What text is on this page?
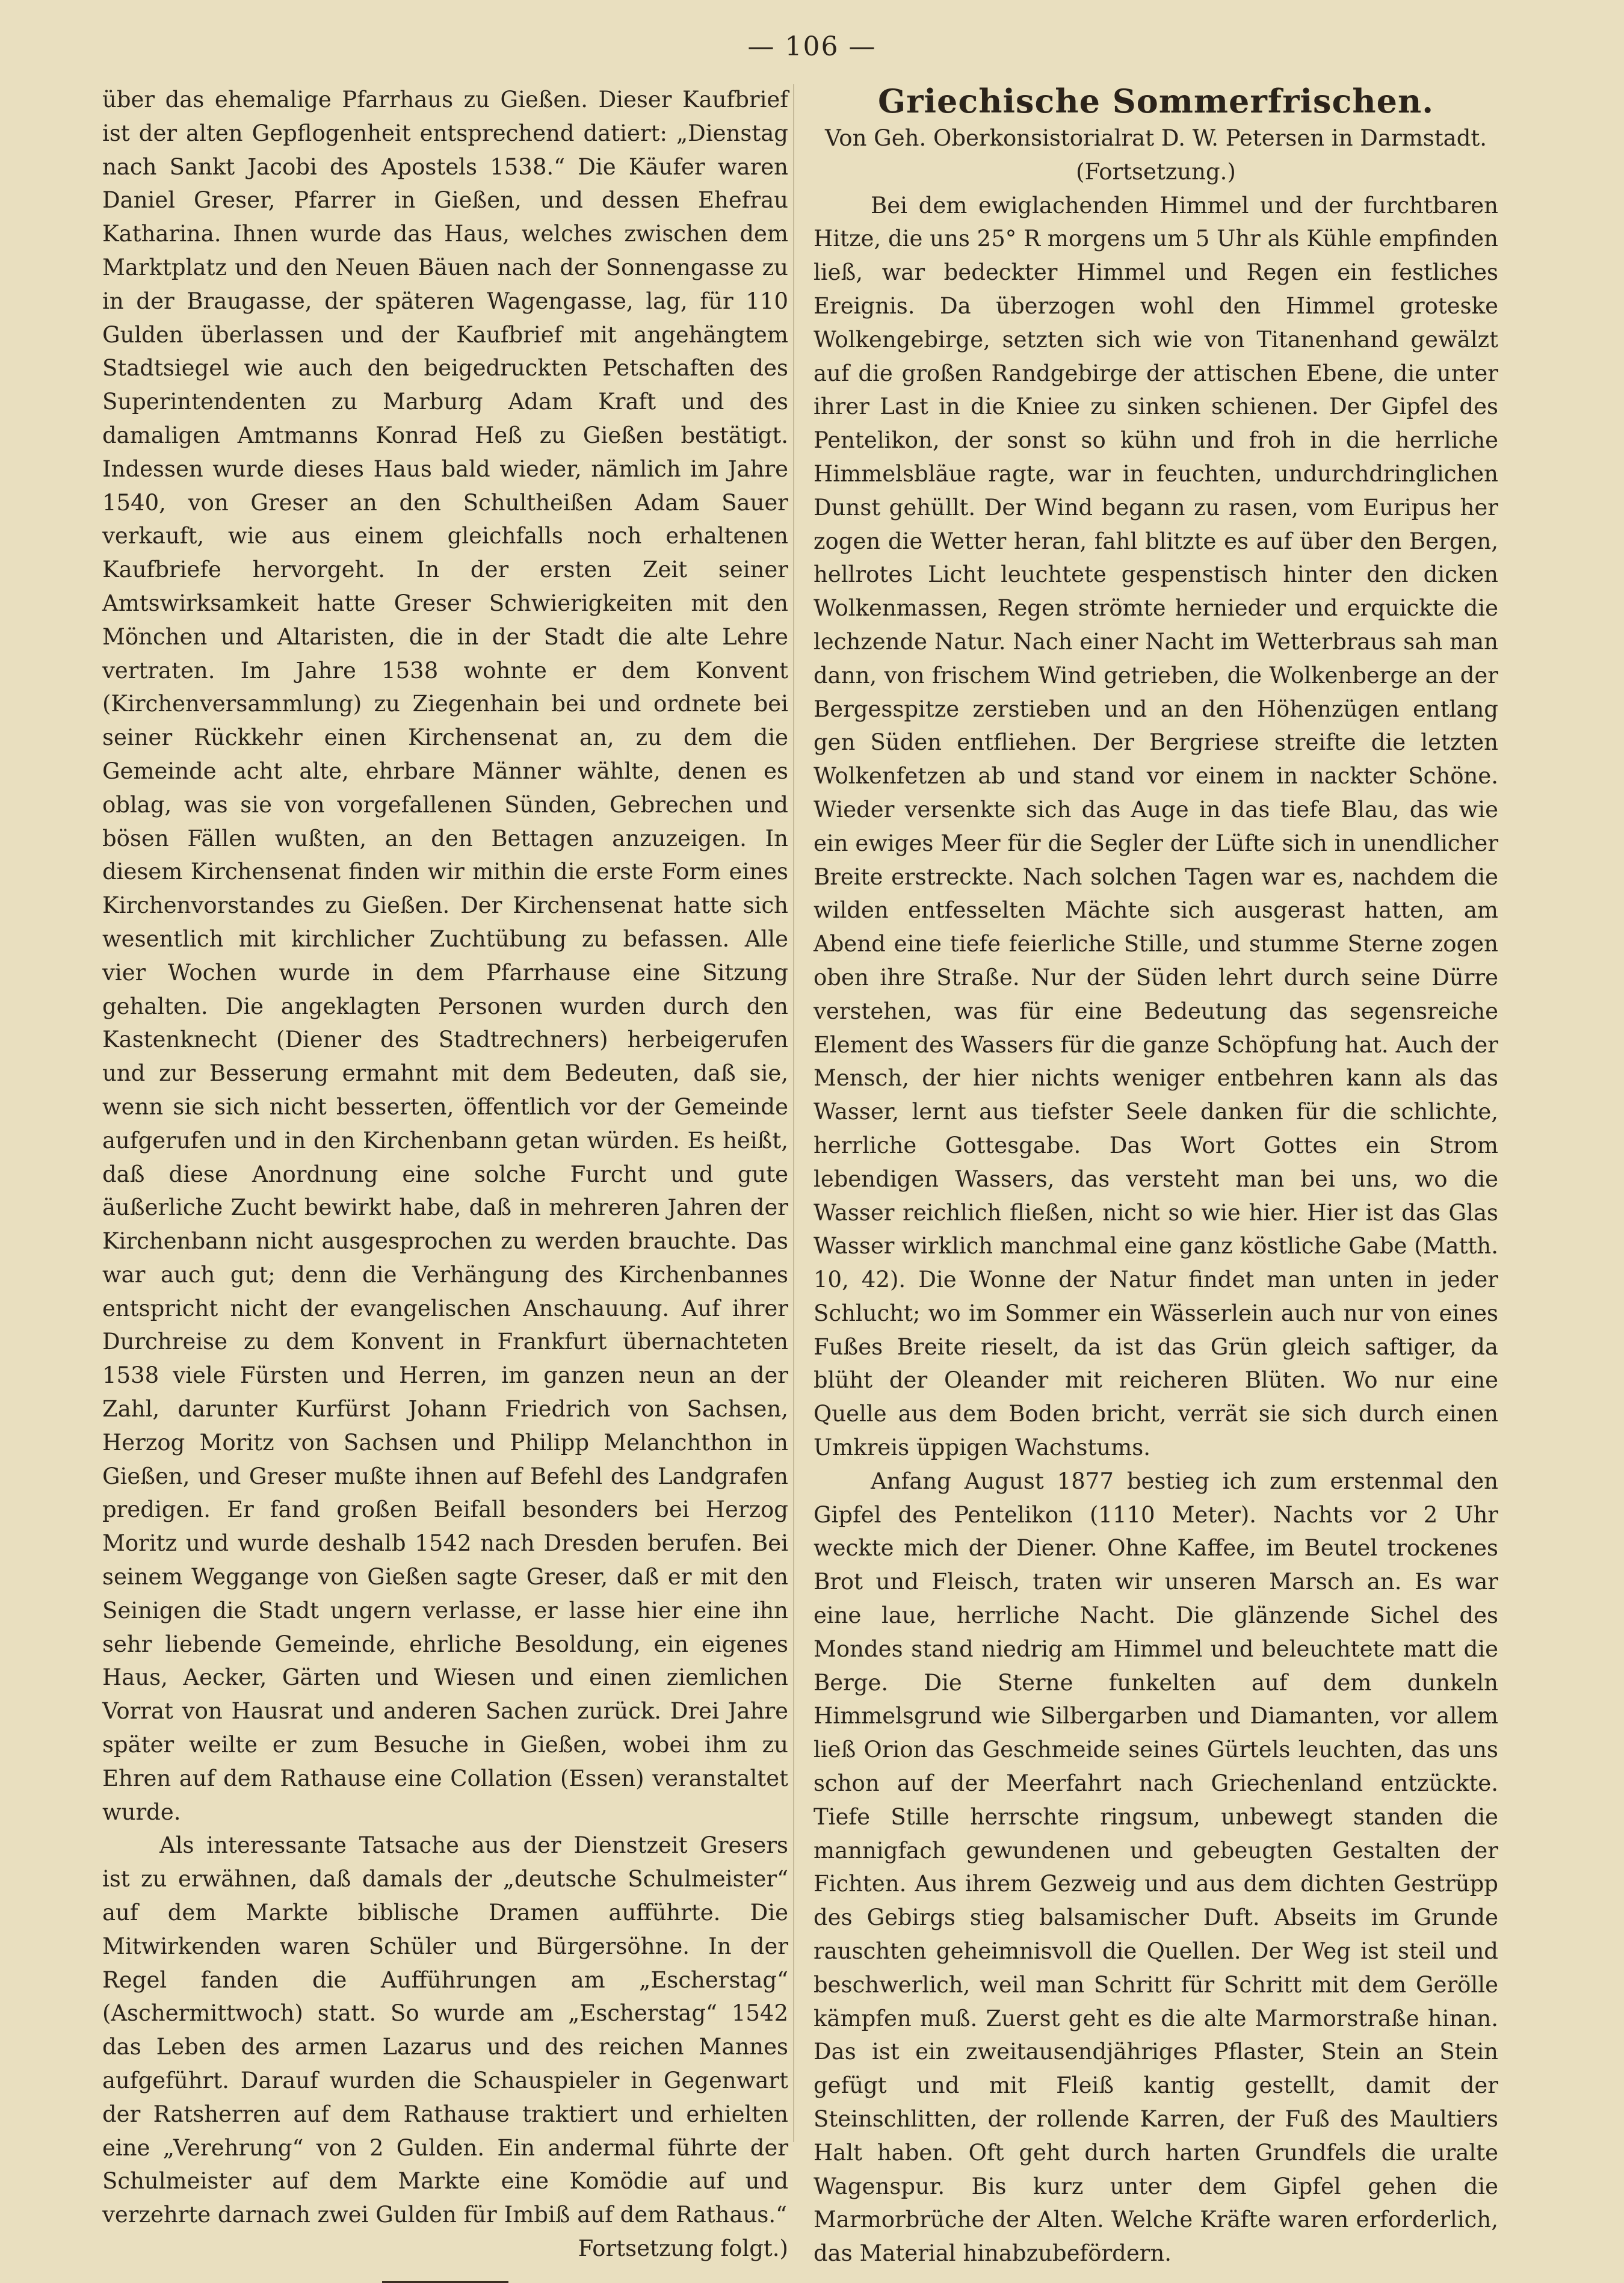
— 106 —

über das ehemalige Pfarrhaus zu Gießen. Dieser Kaufbrief ist der alten Gepflogenheit entsprechend datiert: „Dienstag nach Sankt Jacobi des Apostels 1538.“ Die Käufer waren Daniel Greser, Pfarrer in Gießen, und dessen Ehefrau Katharina. Ihnen wurde das Haus, welches zwischen dem Marktplatz und den Neuen Bäuen nach der Sonnengasse zu in der Braugasse, der späteren Wagengasse, lag, für 110 Gulden überlassen und der Kaufbrief mit angehängtem Stadtsiegel wie auch den beigedruckten Petschaften des Superintendenten zu Marburg Adam Kraft und des damaligen Amtmanns Konrad Heß zu Gießen bestätigt. Indessen wurde dieses Haus bald wieder, nämlich im Jahre 1540, von Greser an den Schultheißen Adam Sauer verkauft, wie aus einem gleichfalls noch erhaltenen Kaufbriefe hervorgeht. In der ersten Zeit seiner Amtswirksamkeit hatte Greser Schwierigkeiten mit den Mönchen und Altaristen, die in der Stadt die alte Lehre vertraten. Im Jahre 1538 wohnte er dem Konvent (Kirchenversammlung) zu Ziegenhain bei und ordnete bei seiner Rückkehr einen Kirchensenat an, zu dem die Gemeinde acht alte, ehrbare Männer wählte, denen es oblag, was sie von vorgefallenen Sünden, Gebrechen und bösen Fällen wußten, an den Bettagen anzuzeigen. In diesem Kirchensenat finden wir mithin die erste Form eines Kirchenvorstandes zu Gießen. Der Kirchensenat hatte sich wesentlich mit kirchlicher Zuchtübung zu befassen. Alle vier Wochen wurde in dem Pfarrhause eine Sitzung gehalten. Die angeklagten Personen wurden durch den Kastenknecht (Diener des Stadtrechners) herbeigerufen und zur Besserung ermahnt mit dem Bedeuten, daß sie, wenn sie sich nicht besserten, öffentlich vor der Gemeinde aufgerufen und in den Kirchenbann getan würden. Es heißt, daß diese Anordnung eine solche Furcht und gute äußerliche Zucht bewirkt habe, daß in mehreren Jahren der Kirchenbann nicht ausgesprochen zu werden brauchte. Das war auch gut; denn die Verhängung des Kirchenbannes entspricht nicht der evangelischen Anschauung. Auf ihrer Durchreise zu dem Konvent in Frankfurt übernachteten 1538 viele Fürsten und Herren, im ganzen neun an der Zahl, darunter Kurfürst Johann Friedrich von Sachsen, Herzog Moritz von Sachsen und Philipp Melanchthon in Gießen, und Greser mußte ihnen auf Befehl des Landgrafen predigen. Er fand großen Beifall besonders bei Herzog Moritz und wurde deshalb 1542 nach Dresden berufen. Bei seinem Weggange von Gießen sagte Greser, daß er mit den Seinigen die Stadt ungern verlasse, er lasse hier eine ihn sehr liebende Gemeinde, ehrliche Besoldung, ein eigenes Haus, Aecker, Gärten und Wiesen und einen ziemlichen Vorrat von Hausrat und anderen Sachen zurück. Drei Jahre später weilte er zum Besuche in Gießen, wobei ihm zu Ehren auf dem Rathause eine Collation (Essen) veranstaltet wurde.

Als interessante Tatsache aus der Dienstzeit Gresers ist zu erwähnen, daß damals der „deutsche Schulmeister“ auf dem Markte biblische Dramen aufführte. Die Mitwirkenden waren Schüler und Bürgersöhne. In der Regel fanden die Aufführungen am „Escherstag“ (Aschermittwoch) statt. So wurde am „Escherstag“ 1542 das Leben des armen Lazarus und des reichen Mannes aufgeführt. Darauf wurden die Schauspieler in Gegenwart der Ratsherren auf dem Rathause traktiert und erhielten eine „Verehrung“ von 2 Gulden. Ein andermal führte der Schulmeister auf dem Markte eine Komödie auf und verzehrte darnach zwei Gulden für Imbiß auf dem Rathaus.“

Fortsetzung folgt.)

Griechische Sommerfrischen.

Von Geh. Oberkonsistorialrat D. W. Petersen in Darmstadt.

(Fortsetzung.)

Bei dem ewiglachenden Himmel und der furchtbaren Hitze, die uns 25° R morgens um 5 Uhr als Kühle empfinden ließ, war bedeckter Himmel und Regen ein festliches Ereignis. Da überzogen wohl den Himmel groteske Wolkengebirge, setzten sich wie von Titanenhand gewälzt auf die großen Randgebirge der attischen Ebene, die unter ihrer Last in die Kniee zu sinken schienen. Der Gipfel des Pentelikon, der sonst so kühn und froh in die herrliche Himmelsbläue ragte, war in feuchten, undurchdringlichen Dunst gehüllt. Der Wind begann zu rasen, vom Euripus her zogen die Wetter heran, fahl blitzte es auf über den Bergen, hellrotes Licht leuchtete gespenstisch hinter den dicken Wolkenmassen, Regen strömte hernieder und erquickte die lechzende Natur. Nach einer Nacht im Wetterbraus sah man dann, von frischem Wind getrieben, die Wolkenberge an der Bergesspitze zerstieben und an den Höhenzügen entlang gen Süden entfliehen. Der Bergriese streifte die letzten Wolkenfetzen ab und stand vor einem in nackter Schöne. Wieder versenkte sich das Auge in das tiefe Blau, das wie ein ewiges Meer für die Segler der Lüfte sich in unendlicher Breite erstreckte. Nach solchen Tagen war es, nachdem die wilden entfesselten Mächte sich ausgerast hatten, am Abend eine tiefe feierliche Stille, und stumme Sterne zogen oben ihre Straße. Nur der Süden lehrt durch seine Dürre verstehen, was für eine Bedeutung das segensreiche Element des Wassers für die ganze Schöpfung hat. Auch der Mensch, der hier nichts weniger entbehren kann als das Wasser, lernt aus tiefster Seele danken für die schlichte, herrliche Gottesgabe. Das Wort Gottes ein Strom lebendigen Wassers, das versteht man bei uns, wo die Wasser reichlich fließen, nicht so wie hier. Hier ist das Glas Wasser wirklich manchmal eine ganz köstliche Gabe (Matth. 10, 42). Die Wonne der Natur findet man unten in jeder Schlucht; wo im Sommer ein Wässerlein auch nur von eines Fußes Breite rieselt, da ist das Grün gleich saftiger, da blüht der Oleander mit reicheren Blüten. Wo nur eine Quelle aus dem Boden bricht, verrät sie sich durch einen Umkreis üppigen Wachstums.

Anfang August 1877 bestieg ich zum erstenmal den Gipfel des Pentelikon (1110 Meter). Nachts vor 2 Uhr weckte mich der Diener. Ohne Kaffee, im Beutel trockenes Brot und Fleisch, traten wir unseren Marsch an. Es war eine laue, herrliche Nacht. Die glänzende Sichel des Mondes stand niedrig am Himmel und beleuchtete matt die Berge. Die Sterne funkelten auf dem dunkeln Himmelsgrund wie Silbergarben und Diamanten, vor allem ließ Orion das Geschmeide seines Gürtels leuchten, das uns schon auf der Meerfahrt nach Griechenland entzückte. Tiefe Stille herrschte ringsum, unbewegt standen die mannigfach gewundenen und gebeugten Gestalten der Fichten. Aus ihrem Gezweig und aus dem dichten Gestrüpp des Gebirgs stieg balsamischer Duft. Abseits im Grunde rauschten geheimnisvoll die Quellen. Der Weg ist steil und beschwerlich, weil man Schritt für Schritt mit dem Gerölle kämpfen muß. Zuerst geht es die alte Marmorstraße hinan. Das ist ein zweitausendjähriges Pflaster, Stein an Stein gefügt und mit Fleiß kantig gestellt, damit der Steinschlitten, der rollende Karren, der Fuß des Maultiers Halt haben. Oft geht durch harten Grundfels die uralte Wagenspur. Bis kurz unter dem Gipfel gehen die Marmorbrüche der Alten. Welche Kräfte waren erforderlich, das Material hinabzubefördern.
